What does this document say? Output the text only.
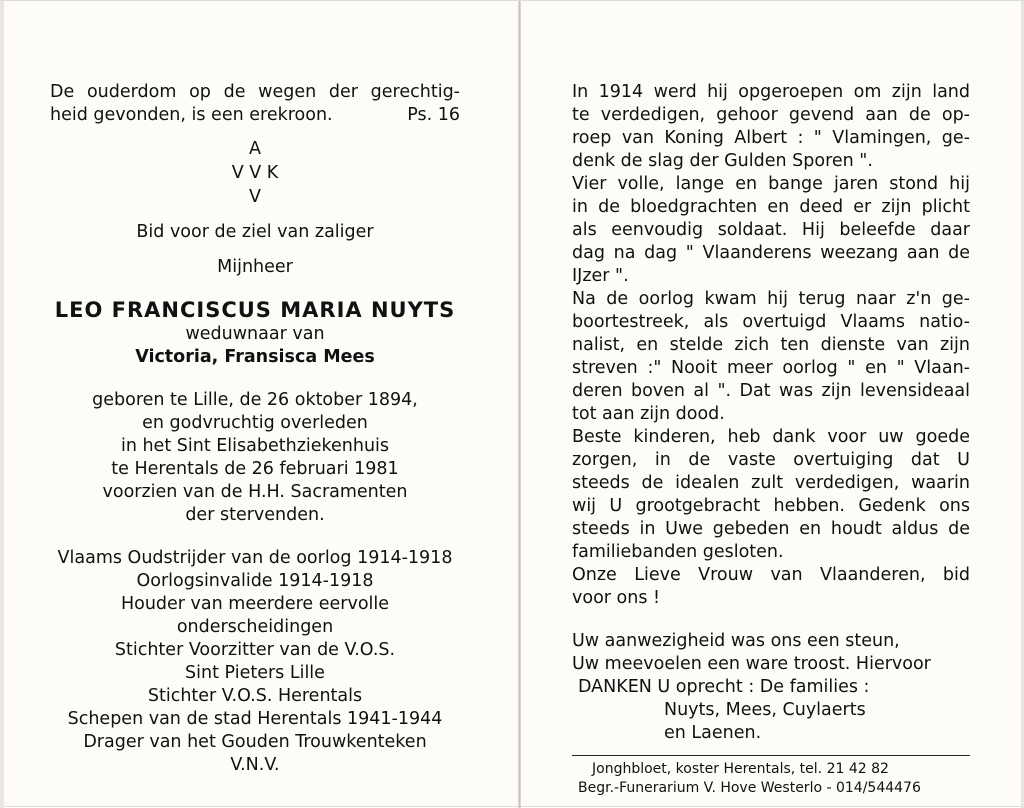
De ouderdom op de wegen der gerechtig-
heid gevonden, is een erekroon.	Ps. 16
A
V V K
V
Bid voor de ziel van zaliger
Mijnheer
LEO FRANCISCUS MARIA NUYTS
weduwnaar van
Victoria, Fransisca Mees
geboren te Lille, de 26 oktober 1894,
en godvruchtig overleden
in het Sint Elisabethziekenhuis
te Herentals de 26 februari 1981
voorzien van de H.H. Sacramenten
der stervenden.
Vlaams Oudstrijder van de oorlog 1914-1918
Oorlogsinvalide 1914-1918
Houder van meerdere eervolle
onderscheidingen
Stichter Voorzitter van de V.O.S.
Sint Pieters Lille
Stichter V.O.S. Herentals
Schepen van de stad Herentals 1941-1944
Drager van het Gouden Trouwkenteken
V.N.V.
In 1914 werd hij opgeroepen om zijn land
te verdedigen, gehoor gevend aan de op-
roep van Koning Albert : " Vlamingen, ge-
denk de slag der Gulden Sporen ".
Vier volle, lange en bange jaren stond hij
in de bloedgrachten en deed er zijn plicht
als eenvoudig soldaat. Hij beleefde daar
dag na dag " Vlaanderens weezang aan de
IJzer ".
Na de oorlog kwam hij terug naar z'n ge-
boortestreek, als overtuigd Vlaams natio-
nalist, en stelde zich ten dienste van zijn
streven :" Nooit meer oorlog " en " Vlaan-
deren boven al ". Dat was zijn levensideaal
tot aan zijn dood.
Beste kinderen, heb dank voor uw goede
zorgen, in de vaste overtuiging dat U
steeds de idealen zult verdedigen, waarin
wij U grootgebracht hebben. Gedenk ons
steeds in Uwe gebeden en houdt aldus de
familiebanden gesloten.
Onze Lieve Vrouw van Vlaanderen, bid
voor ons !
Uw aanwezigheid was ons een steun,
Uw meevoelen een ware troost. Hiervoor
DANKEN U oprecht : De families :
Nuyts, Mees, Cuylaerts
en Laenen.
Jonghbloet, koster Herentals, tel. 21 42 82
Begr.-Funerarium V. Hove Westerlo - 014/544476
